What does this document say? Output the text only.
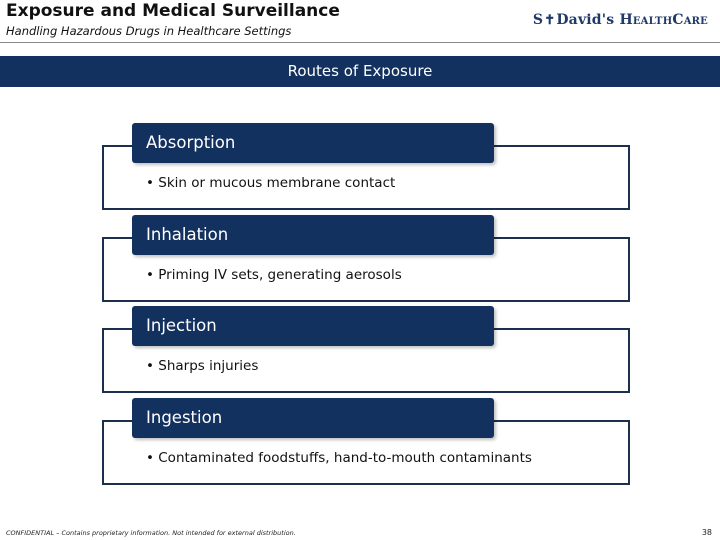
Exposure and Medical Surveillance
Handling Hazardous Drugs in Healthcare Settings
S✝David's HealthCare
Routes of Exposure
Absorption
• Skin or mucous membrane contact
Inhalation
• Priming IV sets, generating aerosols
Injection
• Sharps injuries
Ingestion
• Contaminated foodstuffs, hand-to-mouth contaminants
CONFIDENTIAL – Contains proprietary information. Not intended for external distribution.	38
